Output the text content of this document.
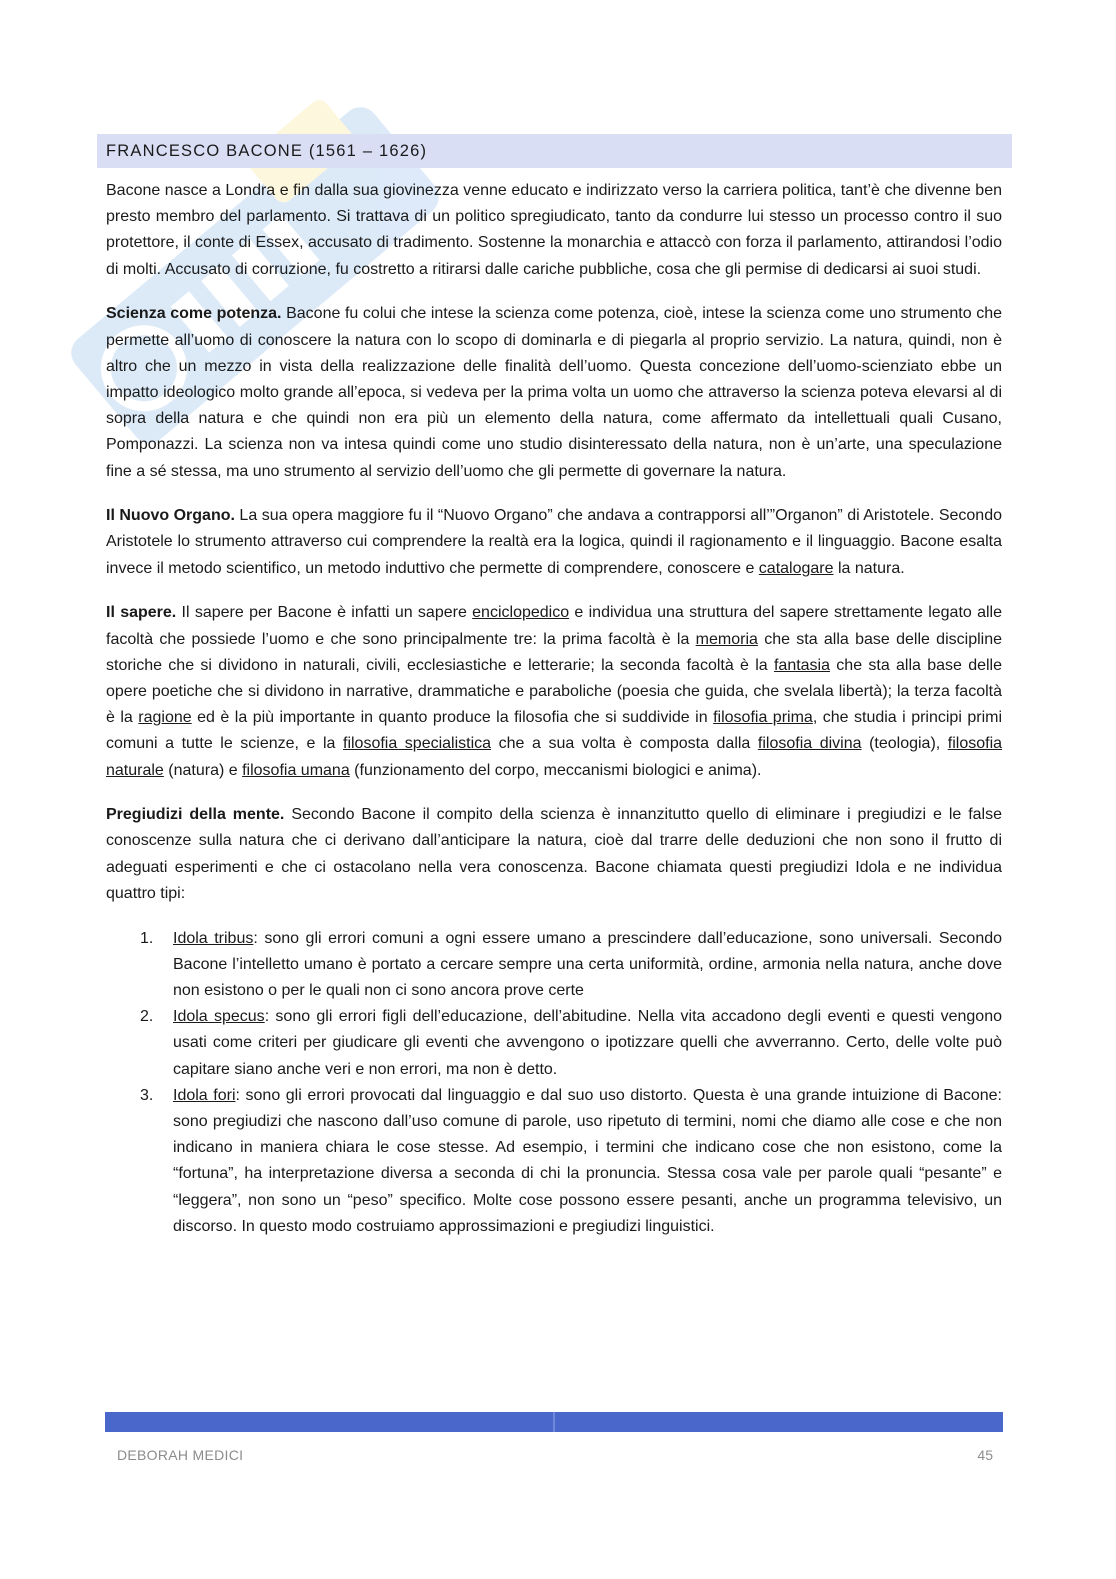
FRANCESCO BACONE (1561 – 1626)

Bacone nasce a Londra e fin dalla sua giovinezza venne educato e indirizzato verso la carriera politica, tant’è che divenne ben presto membro del parlamento. Si trattava di un politico spregiudicato, tanto da condurre lui stesso un processo contro il suo protettore, il conte di Essex, accusato di tradimento. Sostenne la monarchia e attaccò con forza il parlamento, attirandosi l’odio di molti. Accusato di corruzione, fu costretto a ritirarsi dalle cariche pubbliche, cosa che gli permise di dedicarsi ai suoi studi.

Scienza come potenza. Bacone fu colui che intese la scienza come potenza, cioè, intese la scienza come uno strumento che permette all’uomo di conoscere la natura con lo scopo di dominarla e di piegarla al proprio servizio. La natura, quindi, non è altro che un mezzo in vista della realizzazione delle finalità dell’uomo. Questa concezione dell’uomo-scienziato ebbe un impatto ideologico molto grande all’epoca, si vedeva per la prima volta un uomo che attraverso la scienza poteva elevarsi al di sopra della natura e che quindi non era più un elemento della natura, come affermato da intellettuali quali Cusano, Pomponazzi. La scienza non va intesa quindi come uno studio disinteressato della natura, non è un’arte, una speculazione fine a sé stessa, ma uno strumento al servizio dell’uomo che gli permette di governare la natura.

Il Nuovo Organo. La sua opera maggiore fu il “Nuovo Organo” che andava a contrapporsi all’”Organon” di Aristotele. Secondo Aristotele lo strumento attraverso cui comprendere la realtà era la logica, quindi il ragionamento e il linguaggio. Bacone esalta invece il metodo scientifico, un metodo induttivo che permette di comprendere, conoscere e catalogare la natura.

Il sapere. Il sapere per Bacone è infatti un sapere enciclopedico e individua una struttura del sapere strettamente legato alle facoltà che possiede l’uomo e che sono principalmente tre: la prima facoltà è la memoria che sta alla base delle discipline storiche che si dividono in naturali, civili, ecclesiastiche e letterarie; la seconda facoltà è la fantasia che sta alla base delle opere poetiche che si dividono in narrative, drammatiche e paraboliche (poesia che guida, che svelala libertà); la terza facoltà è la ragione ed è la più importante in quanto produce la filosofia che si suddivide in filosofia prima, che studia i principi primi comuni a tutte le scienze, e la filosofia specialistica che a sua volta è composta dalla filosofia divina (teologia), filosofia naturale (natura) e filosofia umana (funzionamento del corpo, meccanismi biologici e anima).

Pregiudizi della mente. Secondo Bacone il compito della scienza è innanzitutto quello di eliminare i pregiudizi e le false conoscenze sulla natura che ci derivano dall’anticipare la natura, cioè dal trarre delle deduzioni che non sono il frutto di adeguati esperimenti e che ci ostacolano nella vera conoscenza. Bacone chiamata questi pregiudizi Idola e ne individua quattro tipi:

1. Idola tribus: sono gli errori comuni a ogni essere umano a prescindere dall’educazione, sono universali. Secondo Bacone l’intelletto umano è portato a cercare sempre una certa uniformità, ordine, armonia nella natura, anche dove non esistono o per le quali non ci sono ancora prove certe
2. Idola specus: sono gli errori figli dell’educazione, dell’abitudine. Nella vita accadono degli eventi e questi vengono usati come criteri per giudicare gli eventi che avvengono o ipotizzare quelli che avverranno. Certo, delle volte può capitare siano anche veri e non errori, ma non è detto.
3. Idola fori: sono gli errori provocati dal linguaggio e dal suo uso distorto. Questa è una grande intuizione di Bacone: sono pregiudizi che nascono dall’uso comune di parole, uso ripetuto di termini, nomi che diamo alle cose e che non indicano in maniera chiara le cose stesse. Ad esempio, i termini che indicano cose che non esistono, come la “fortuna”, ha interpretazione diversa a seconda di chi la pronuncia. Stessa cosa vale per parole quali “pesante” e “leggera”, non sono un “peso” specifico. Molte cose possono essere pesanti, anche un programma televisivo, un discorso. In questo modo costruiamo approssimazioni e pregiudizi linguistici.
DEBORAH MEDICI	45
